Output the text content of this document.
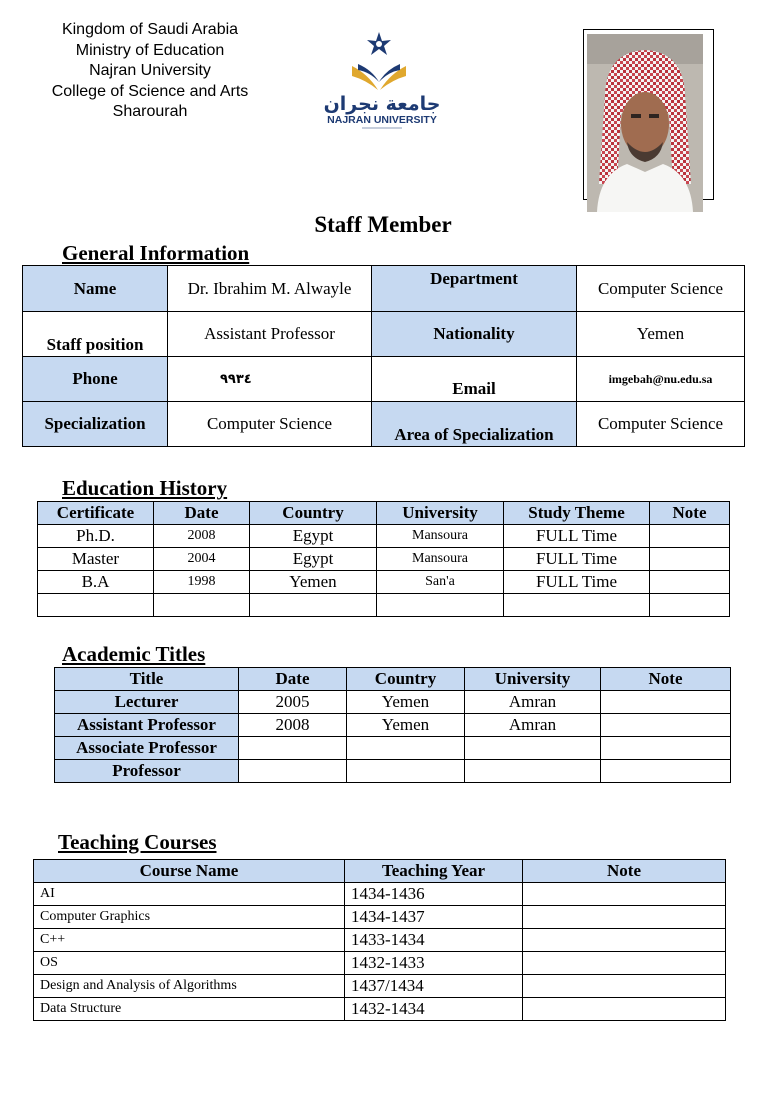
Kingdom of Saudi Arabia
Ministry of Education
Najran University
College of Science and Arts
Sharourah	جامعة نجران
NAJRAN UNIVERSITY
Staff Member
General Information
Name	Dr. Ibrahim M. Alwayle	Department	Computer Science
Staff position	Assistant Professor	Nationality	Yemen
Phone	٩٩٣٤	Email	imgebah@nu.edu.sa
Specialization	Computer Science	Area of Specialization	Computer Science
Education History
Certificate	Date	Country	University	Study Theme	Note
Ph.D.	2008	Egypt	Mansoura	FULL Time	
Master	2004	Egypt	Mansoura	FULL Time	
B.A	1998	Yemen	San'a	FULL Time	

Academic Titles
Title	Date	Country	University	Note
Lecturer	2005	Yemen	Amran	
Assistant Professor	2008	Yemen	Amran	
Associate Professor				
Professor				
Teaching Courses
Course Name	Teaching Year	Note
AI	1434-1436	
Computer Graphics	1434-1437	
C++	1433-1434	
OS	1432-1433	
Design and Analysis of Algorithms	1437/1434	
Data Structure	1432-1434	
